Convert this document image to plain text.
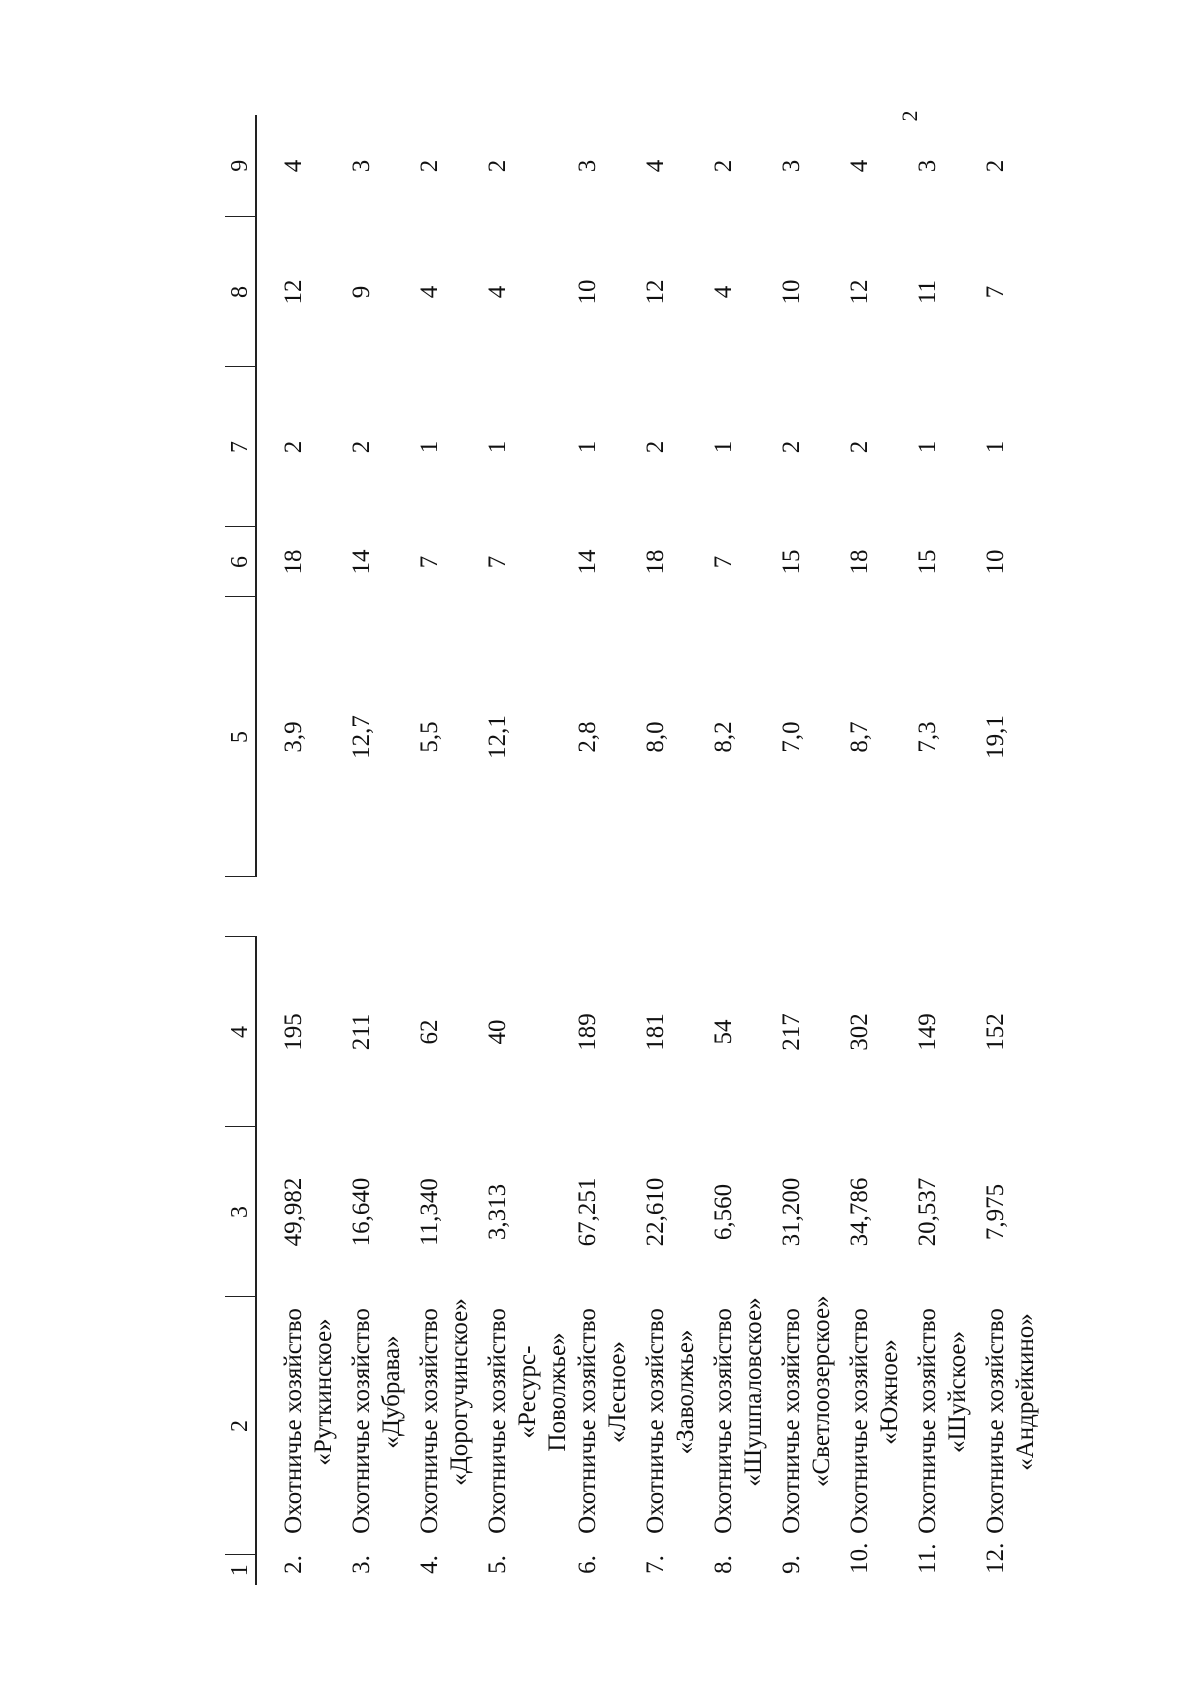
2
1	2	3	4		5	6	7	8	9
2.Охотничье хозяйство «Руткинское»		49,982	195		3,9	18	2	12	4
3.Охотничье хозяйство «Дубрава»		16,640	211		12,7	14	2	9	3
4.Охотничье хозяйство «Дорогучинское»		11,340	62		5,5	7	1	4	2
5.Охотничье хозяйство «Ресурс-Поволжье»		3,313	40		12,1	7	1	4	2
6.Охотничье хозяйство «Лесное»		67,251	189		2,8	14	1	10	3
7.Охотничье хозяйство «Заволжье»		22,610	181		8,0	18	2	12	4
8.Охотничье хозяйство «Шушпаловское»		6,560	54		8,2	7	1	4	2
9.Охотничье хозяйство «Светлоозерское»		31,200	217		7,0	15	2	10	3
10.Охотничье хозяйство «Южное»		34,786	302		8,7	18	2	12	4
11.Охотничье хозяйство «Шуйское»		20,537	149		7,3	15	1	11	3
12.Охотничье хозяйство «Андрейкино»		7,975	152		19,1	10	1	7	2
